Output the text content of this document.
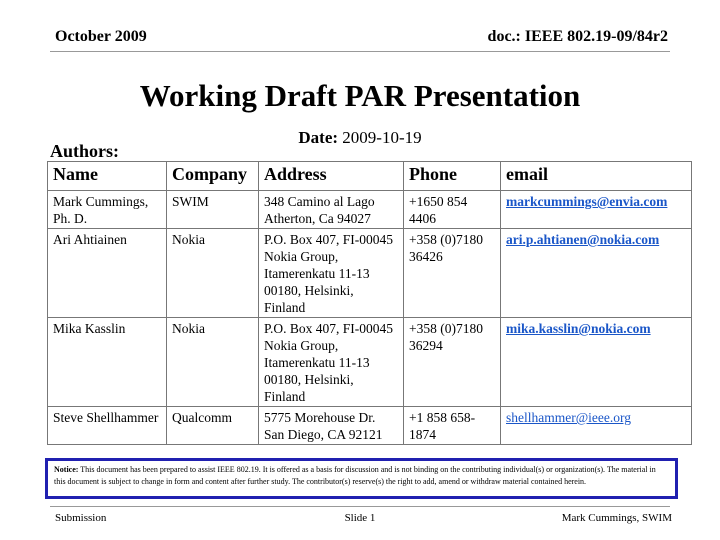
October 2009	doc.: IEEE 802.19-09/84r2
Working Draft PAR Presentation
Date: 2009-10-19
Authors:
Name	Company	Address	Phone	email
Mark Cummings, Ph. D.	SWIM	348 Camino al Lago Atherton, Ca 94027	+1650 854 4406	markcummings@envia.com
Ari Ahtiainen	Nokia	P.O. Box 407, FI-00045 Nokia Group, Itamerenkatu 11-13 00180, Helsinki, Finland	+358 (0)7180 36426	ari.p.ahtianen@nokia.com
Mika Kasslin	Nokia	P.O. Box 407, FI-00045 Nokia Group, Itamerenkatu 11-13 00180, Helsinki, Finland	+358 (0)7180 36294	mika.kasslin@nokia.com
Steve Shellhammer	Qualcomm	5775 Morehouse Dr. San Diego, CA 92121	+1 858 658-1874	shellhammer@ieee.org
Notice: This document has been prepared to assist IEEE 802.19. It is offered as a basis for discussion and is not binding on the contributing individual(s) or organization(s). The material in this document is subject to change in form and content after further study. The contributor(s) reserve(s) the right to add, amend or withdraw material contained herein.
Submission	Slide 1	Mark Cummings, SWIM
